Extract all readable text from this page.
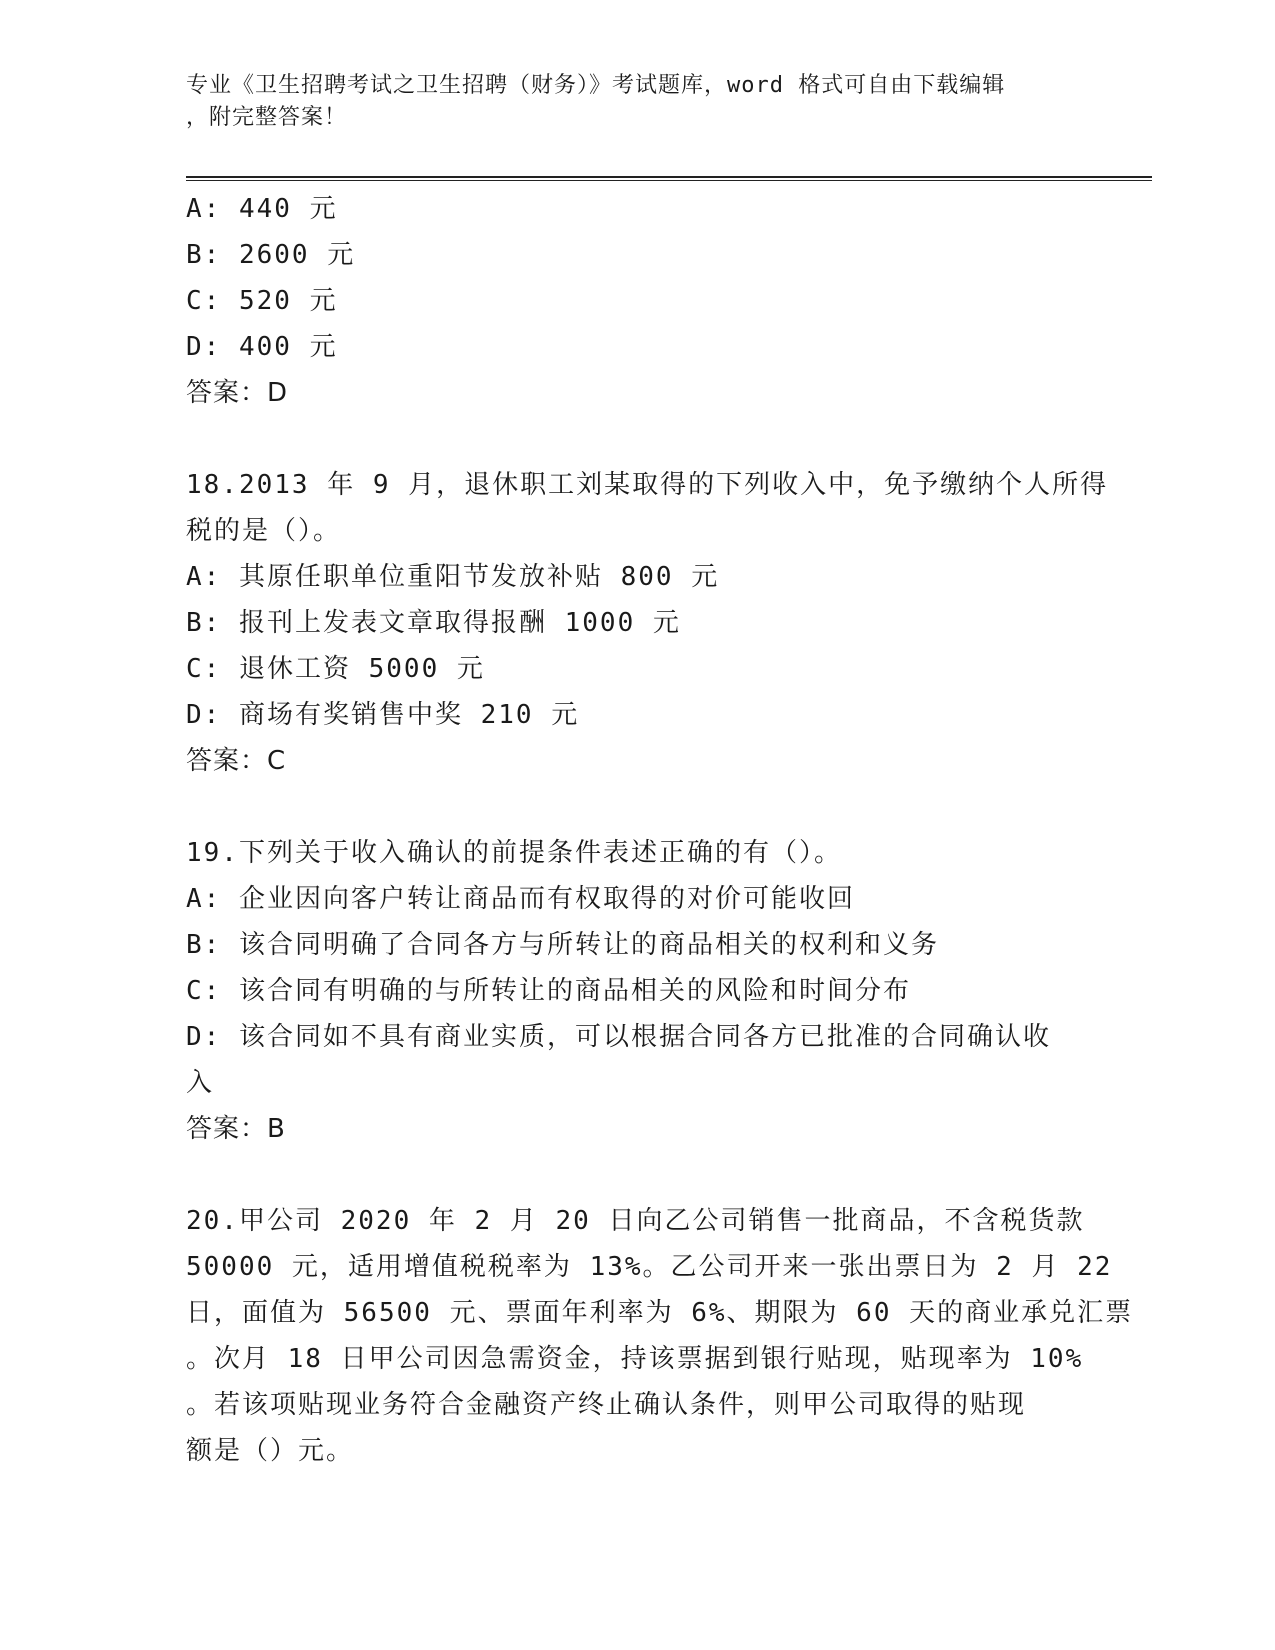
专业《卫生招聘考试之卫生招聘（财务）》考试题库，word 格式可自由下载编辑
，附完整答案！
A: 440 元
B: 2600 元
C: 520 元
D: 400 元
答案：D
18.2013 年 9 月，退休职工刘某取得的下列收入中，免予缴纳个人所得
税的是（）。
A: 其原任职单位重阳节发放补贴 800 元
B: 报刊上发表文章取得报酬 1000 元
C: 退休工资 5000 元
D: 商场有奖销售中奖 210 元
答案：C
19.下列关于收入确认的前提条件表述正确的有（）。
A: 企业因向客户转让商品而有权取得的对价可能收回
B: 该合同明确了合同各方与所转让的商品相关的权利和义务
C: 该合同有明确的与所转让的商品相关的风险和时间分布
D: 该合同如不具有商业实质，可以根据合同各方已批准的合同确认收
入
答案：B
20.甲公司 2020 年 2 月 20 日向乙公司销售一批商品，不含税货款
50000 元，适用增值税税率为 13%。乙公司开来一张出票日为 2 月 22
日，面值为 56500 元、票面年利率为 6%、期限为 60 天的商业承兑汇票
。次月 18 日甲公司因急需资金，持该票据到银行贴现，贴现率为 10%
。若该项贴现业务符合金融资产终止确认条件，则甲公司取得的贴现
额是（）元。
